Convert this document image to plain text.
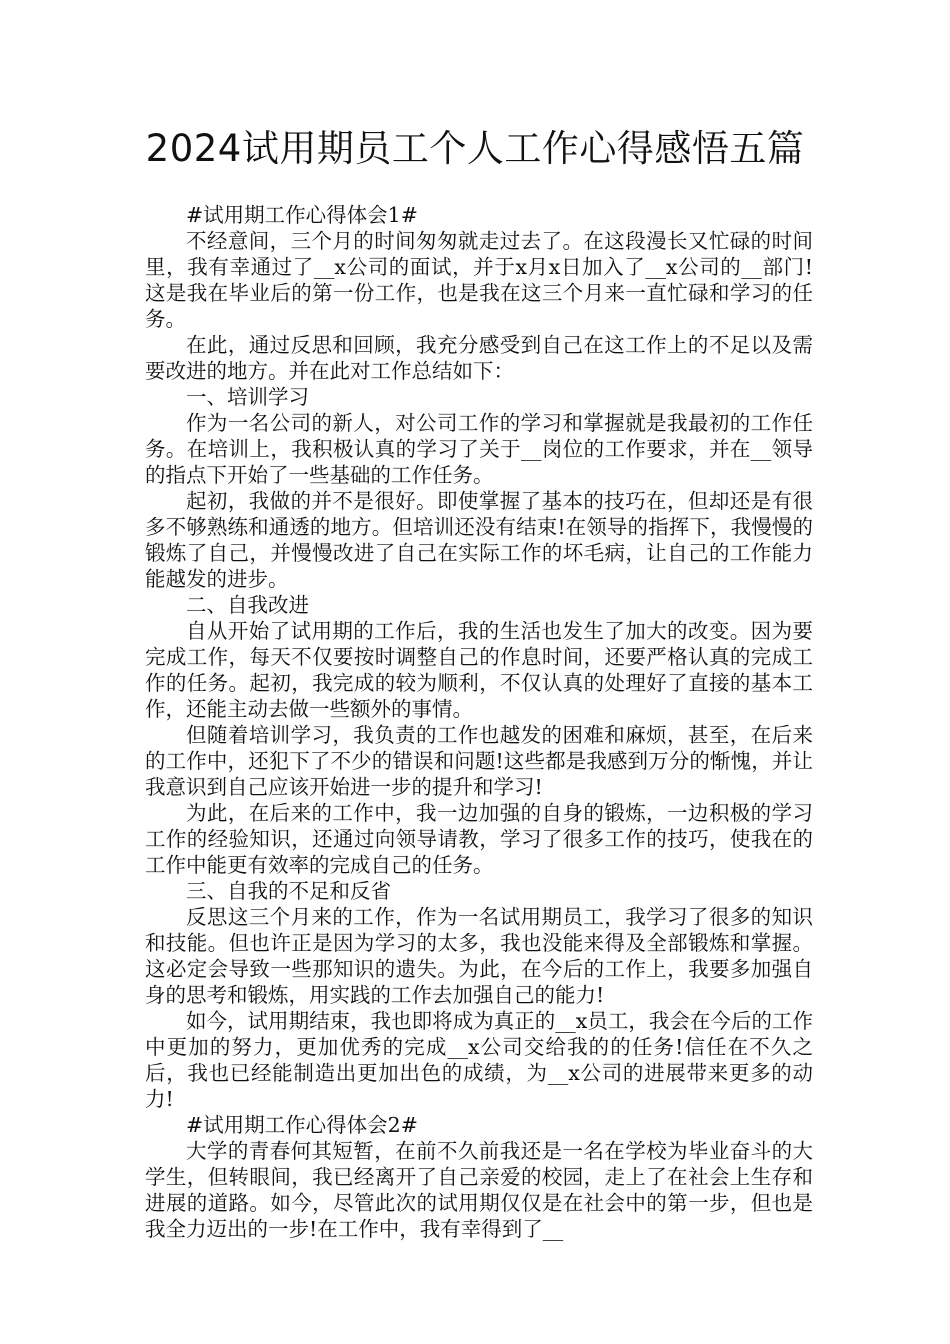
2024试用期员工个人工作心得感悟五篇

#试用期工作心得体会1#

不经意间，三个月的时间匆匆就走过去了。在这段漫长又忙碌的时间里，我有幸通过了__x公司的面试，并于x月x日加入了__x公司的__部门!这是我在毕业后的第一份工作，也是我在这三个月来一直忙碌和学习的任务。

在此，通过反思和回顾，我充分感受到自己在这工作上的不足以及需要改进的地方。并在此对工作总结如下：

一、培训学习

作为一名公司的新人，对公司工作的学习和掌握就是我最初的工作任务。在培训上，我积极认真的学习了关于__岗位的工作要求，并在__领导的指点下开始了一些基础的工作任务。

起初，我做的并不是很好。即使掌握了基本的技巧在，但却还是有很多不够熟练和通透的地方。但培训还没有结束!在领导的指挥下，我慢慢的锻炼了自己，并慢慢改进了自己在实际工作的坏毛病，让自己的工作能力能越发的进步。

二、自我改进

自从开始了试用期的工作后，我的生活也发生了加大的改变。因为要完成工作，每天不仅要按时调整自己的作息时间，还要严格认真的完成工作的任务。起初，我完成的较为顺利，不仅认真的处理好了直接的基本工作，还能主动去做一些额外的事情。

但随着培训学习，我负责的工作也越发的困难和麻烦，甚至，在后来的工作中，还犯下了不少的错误和问题!这些都是我感到万分的惭愧，并让我意识到自己应该开始进一步的提升和学习!

为此，在后来的工作中，我一边加强的自身的锻炼，一边积极的学习工作的经验知识，还通过向领导请教，学习了很多工作的技巧，使我在的工作中能更有效率的完成自己的任务。

三、自我的不足和反省

反思这三个月来的工作，作为一名试用期员工，我学习了很多的知识和技能。但也许正是因为学习的太多，我也没能来得及全部锻炼和掌握。这必定会导致一些那知识的遗失。为此，在今后的工作上，我要多加强自身的思考和锻炼，用实践的工作去加强自己的能力!

如今，试用期结束，我也即将成为真正的__x员工，我会在今后的工作中更加的努力，更加优秀的完成__x公司交给我的的任务!信任在不久之后，我也已经能制造出更加出色的成绩，为__x公司的进展带来更多的动力!

#试用期工作心得体会2#

大学的青春何其短暂，在前不久前我还是一名在学校为毕业奋斗的大学生，但转眼间，我已经离开了自己亲爱的校园，走上了在社会上生存和进展的道路。如今，尽管此次的试用期仅仅是在社会中的第一步，但也是我全力迈出的一步!在工作中，我有幸得到了__
